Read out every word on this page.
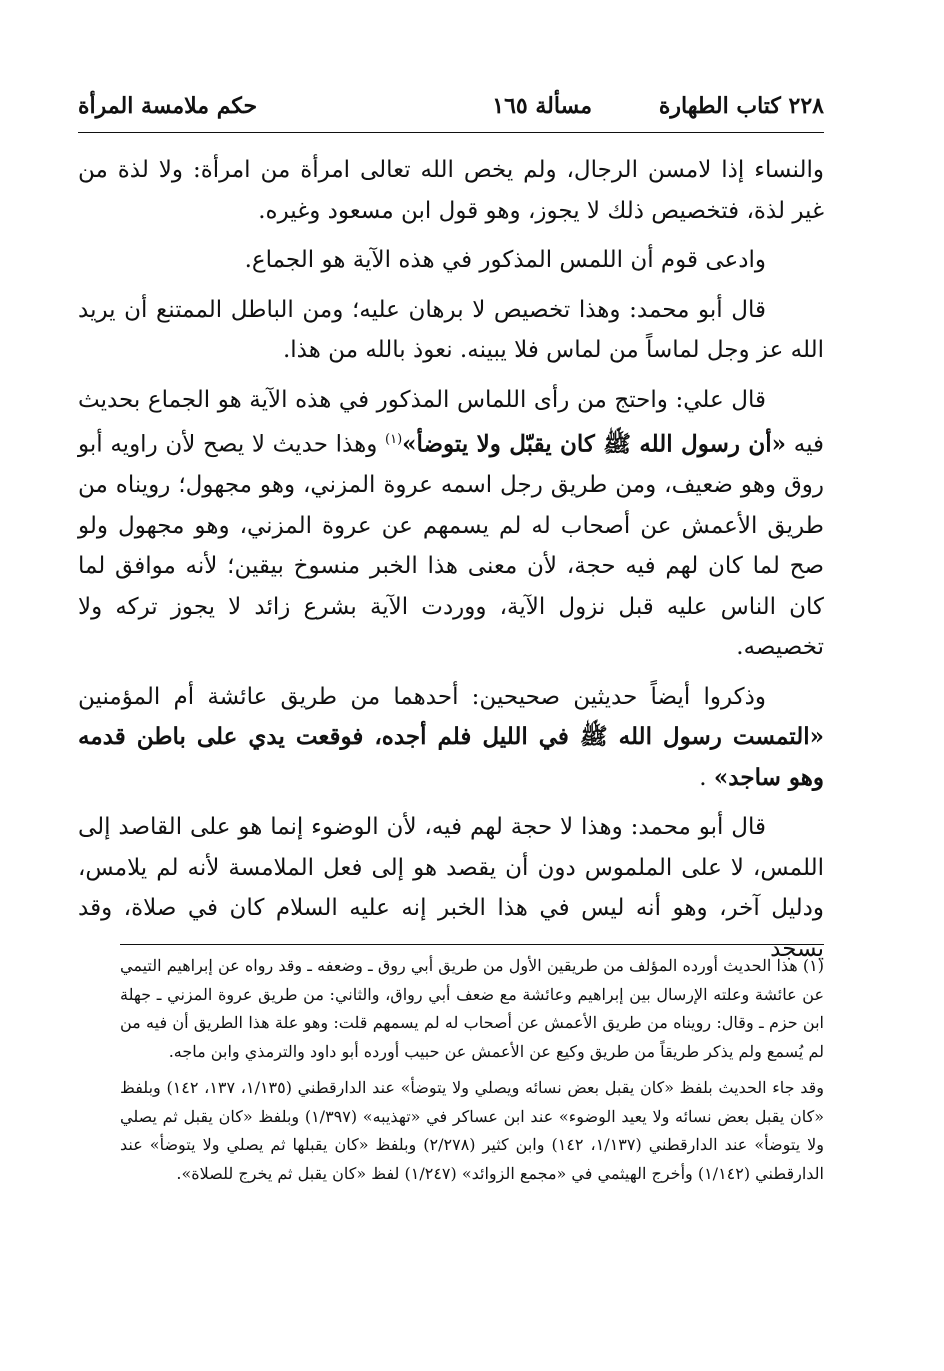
٢٢٨ كتاب الطهارة
مسألة ١٦٥
حكم ملامسة المرأة

والنساء إذا لامسن الرجال، ولم يخص الله تعالى امرأة من امرأة: ولا لذة من غير لذة، فتخصيص ذلك لا يجوز، وهو قول ابن مسعود وغيره.

وادعى قوم أن اللمس المذكور في هذه الآية هو الجماع.

قال أبو محمد: وهذا تخصيص لا برهان عليه؛ ومن الباطل الممتنع أن يريد الله عز وجل لماساً من لماس فلا يبينه. نعوذ بالله من هذا.

قال علي: واحتج من رأى اللماس المذكور في هذه الآية هو الجماع بحديث فيه «أن رسول الله ﷺ كان يقبّل ولا يتوضأ»$^{(١)}$ وهذا حديث لا يصح لأن راويه أبو روق وهو ضعيف، ومن طريق رجل اسمه عروة المزني، وهو مجهول؛ رويناه من طريق الأعمش عن أصحاب له لم يسمهم عن عروة المزني، وهو مجهول ولو صح لما كان لهم فيه حجة، لأن معنى هذا الخبر منسوخ بيقين؛ لأنه موافق لما كان الناس عليه قبل نزول الآية، ووردت الآية بشرع زائد لا يجوز تركه ولا تخصيصه.

وذكروا أيضاً حديثين صحيحين: أحدهما من طريق عائشة أم المؤمنين «التمست رسول الله ﷺ في الليل فلم أجده، فوقعت يدي على باطن قدمه وهو ساجد» .

قال أبو محمد: وهذا لا حجة لهم فيه، لأن الوضوء إنما هو على القاصد إلى اللمس، لا على الملموس دون أن يقصد هو إلى فعل الملامسة لأنه لم يلامس، ودليل آخر، وهو أنه ليس في هذا الخبر إنه عليه السلام كان في صلاة، وقد يسجد

(١) هذا الحديث أورده المؤلف من طريقين الأول من طريق أبي روق ـ وضعفه ـ وقد رواه عن إبراهيم التيمي عن عائشة وعلته الإرسال بين إبراهيم وعائشة مع ضعف أبي رواق، والثاني: من طريق عروة المزني ـ جهلة ابن حزم ـ وقال: رويناه من طريق الأعمش عن أصحاب له لم يسمهم قلت: وهو علة هذا الطريق أن فيه من لم يُسمع ولم يذكر طريقاً من طريق وكيع عن الأعمش عن حبيب أورده أبو داود والترمذي وابن ماجه.

وقد جاء الحديث بلفظ «كان يقبل بعض نسائه ويصلي ولا يتوضأ» عند الدارقطني (١/١٣٥، ١٣٧، ١٤٢) وبلفظ «كان يقبل بعض نسائه ولا يعيد الوضوء» عند ابن عساكر في «تهذيبه» (١/٣٩٧) وبلفظ «كان يقبل ثم يصلي ولا يتوضأ» عند الدارقطني (١/١٣٧، ١٤٢) وابن كثير (٢/٢٧٨) وبلفظ «كان يقبلها ثم يصلي ولا يتوضأ» عند الدارقطني (١/١٤٢) وأخرج الهيثمي في «مجمع الزوائد» (١/٢٤٧) لفظ «كان يقبل ثم يخرج للصلاة».
